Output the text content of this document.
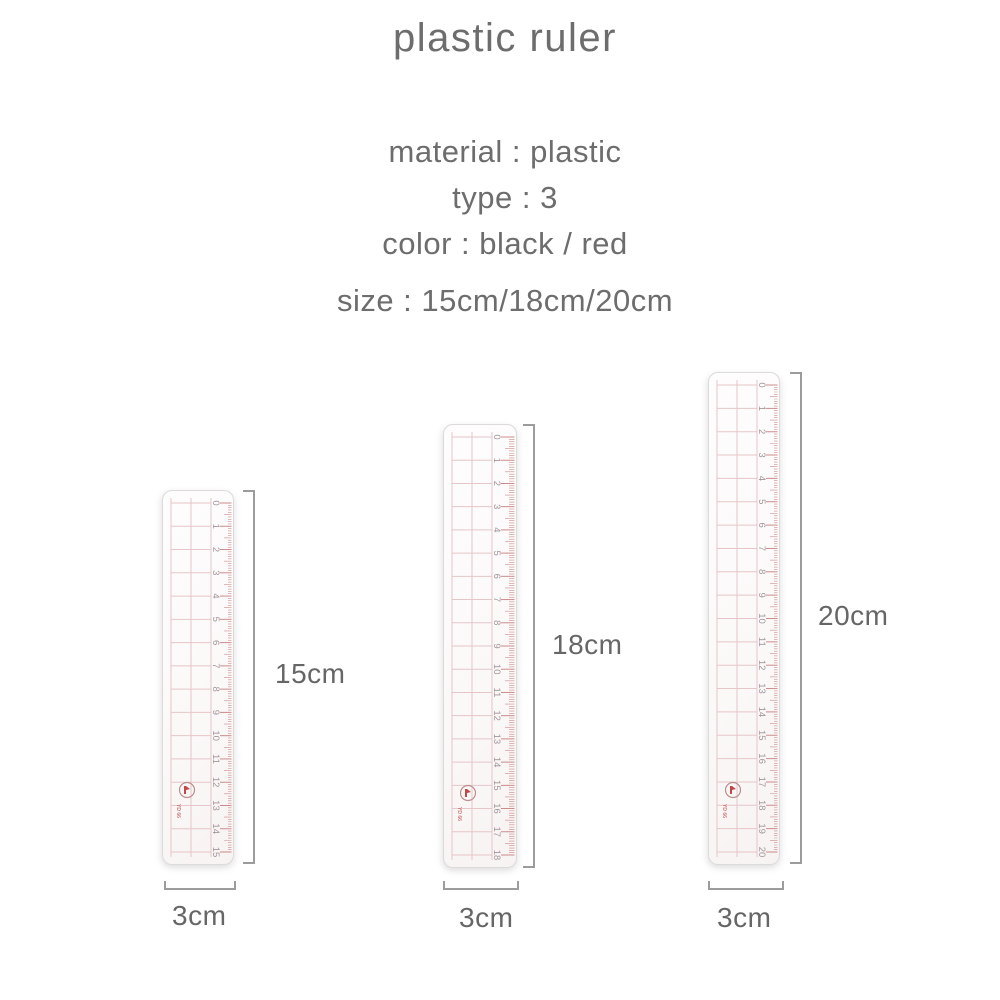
plastic ruler
material : plastic
type : 3
color : black / red
size : 15cm/18cm/20cm
0
1
2
3
4
5
6
7
8
9
10
11
12
13
14
15
YD 66
15cm
3cm
0
1
2
3
4
5
6
7
8
9
10
11
12
13
14
15
16
17
18
YD 66
18cm
3cm
0
1
2
3
4
5
6
7
8
9
10
11
12
13
14
15
16
17
18
19
20
YD 66
20cm
3cm
